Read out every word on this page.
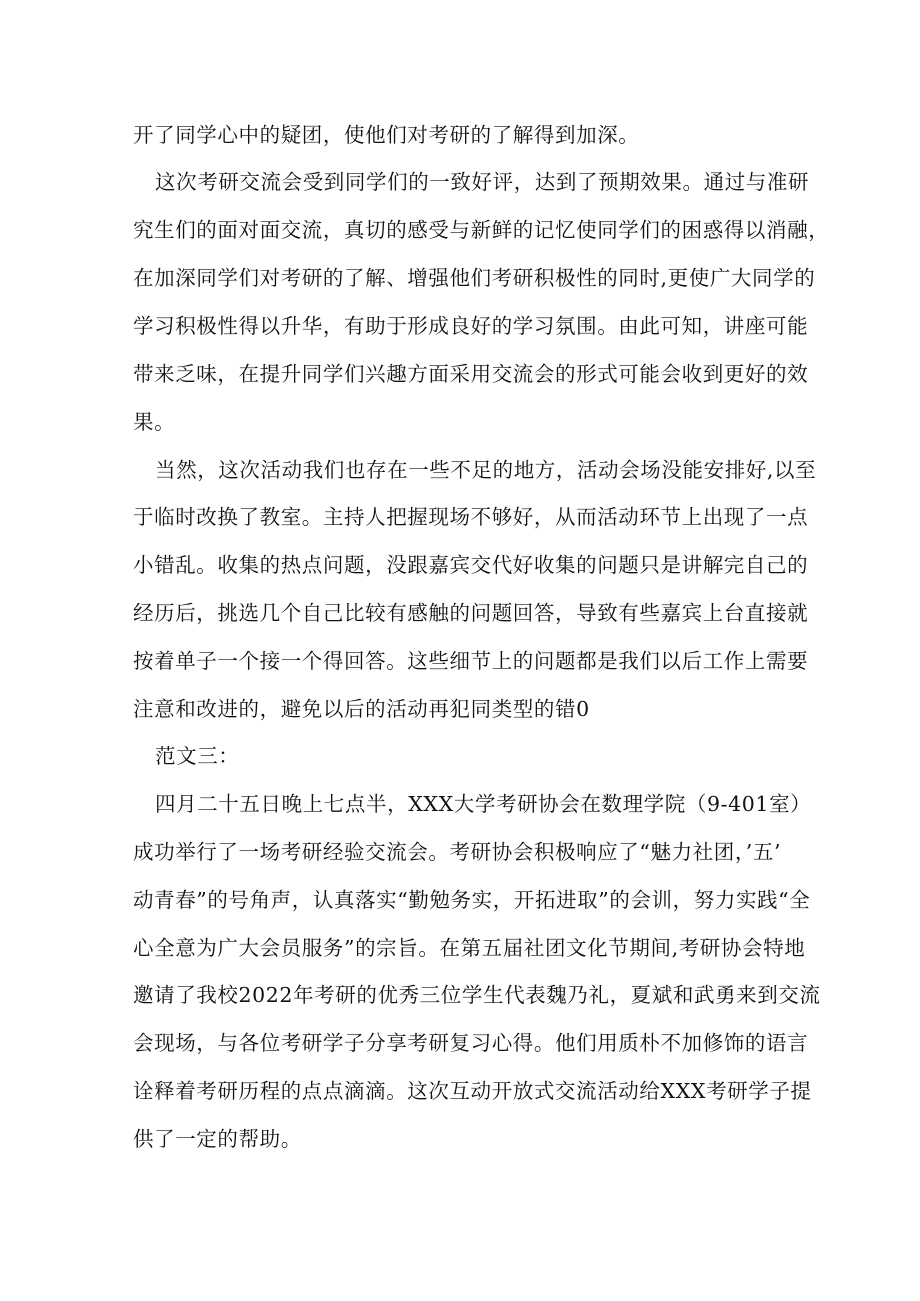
开了同学心中的疑团，使他们对考研的了解得到加深。
这次考研交流会受到同学们的一致好评，达到了预期效果。通过与准研
究生们的面对面交流，真切的感受与新鲜的记忆使同学们的困惑得以消融，
在加深同学们对考研的了解、增强他们考研积极性的同时,更使广大同学的
学习积极性得以升华，有助于形成良好的学习氛围。由此可知，讲座可能
带来乏味，在提升同学们兴趣方面采用交流会的形式可能会收到更好的效
果。
当然，这次活动我们也存在一些不足的地方，活动会场没能安排好,以至
于临时改换了教室。主持人把握现场不够好，从而活动环节上出现了一点
小错乱。收集的热点问题，没跟嘉宾交代好收集的问题只是讲解完自己的
经历后，挑选几个自己比较有感触的问题回答，导致有些嘉宾上台直接就
按着单子一个接一个得回答。这些细节上的问题都是我们以后工作上需要
注意和改进的，避免以后的活动再犯同类型的错0
范文三：
四月二十五日晚上七点半，XXX大学考研协会在数理学院（9-401室）
成功举行了一场考研经验交流会。考研协会积极响应了“魅力社团，’五’
动青春”的号角声，认真落实“勤勉务实，开拓进取”的会训，努力实践“全
心全意为广大会员服务”的宗旨。在第五届社团文化节期间,考研协会特地
邀请了我校2022年考研的优秀三位学生代表魏乃礼，夏斌和武勇来到交流
会现场，与各位考研学子分享考研复习心得。他们用质朴不加修饰的语言
诠释着考研历程的点点滴滴。这次互动开放式交流活动给XXX考研学子提
供了一定的帮助。
